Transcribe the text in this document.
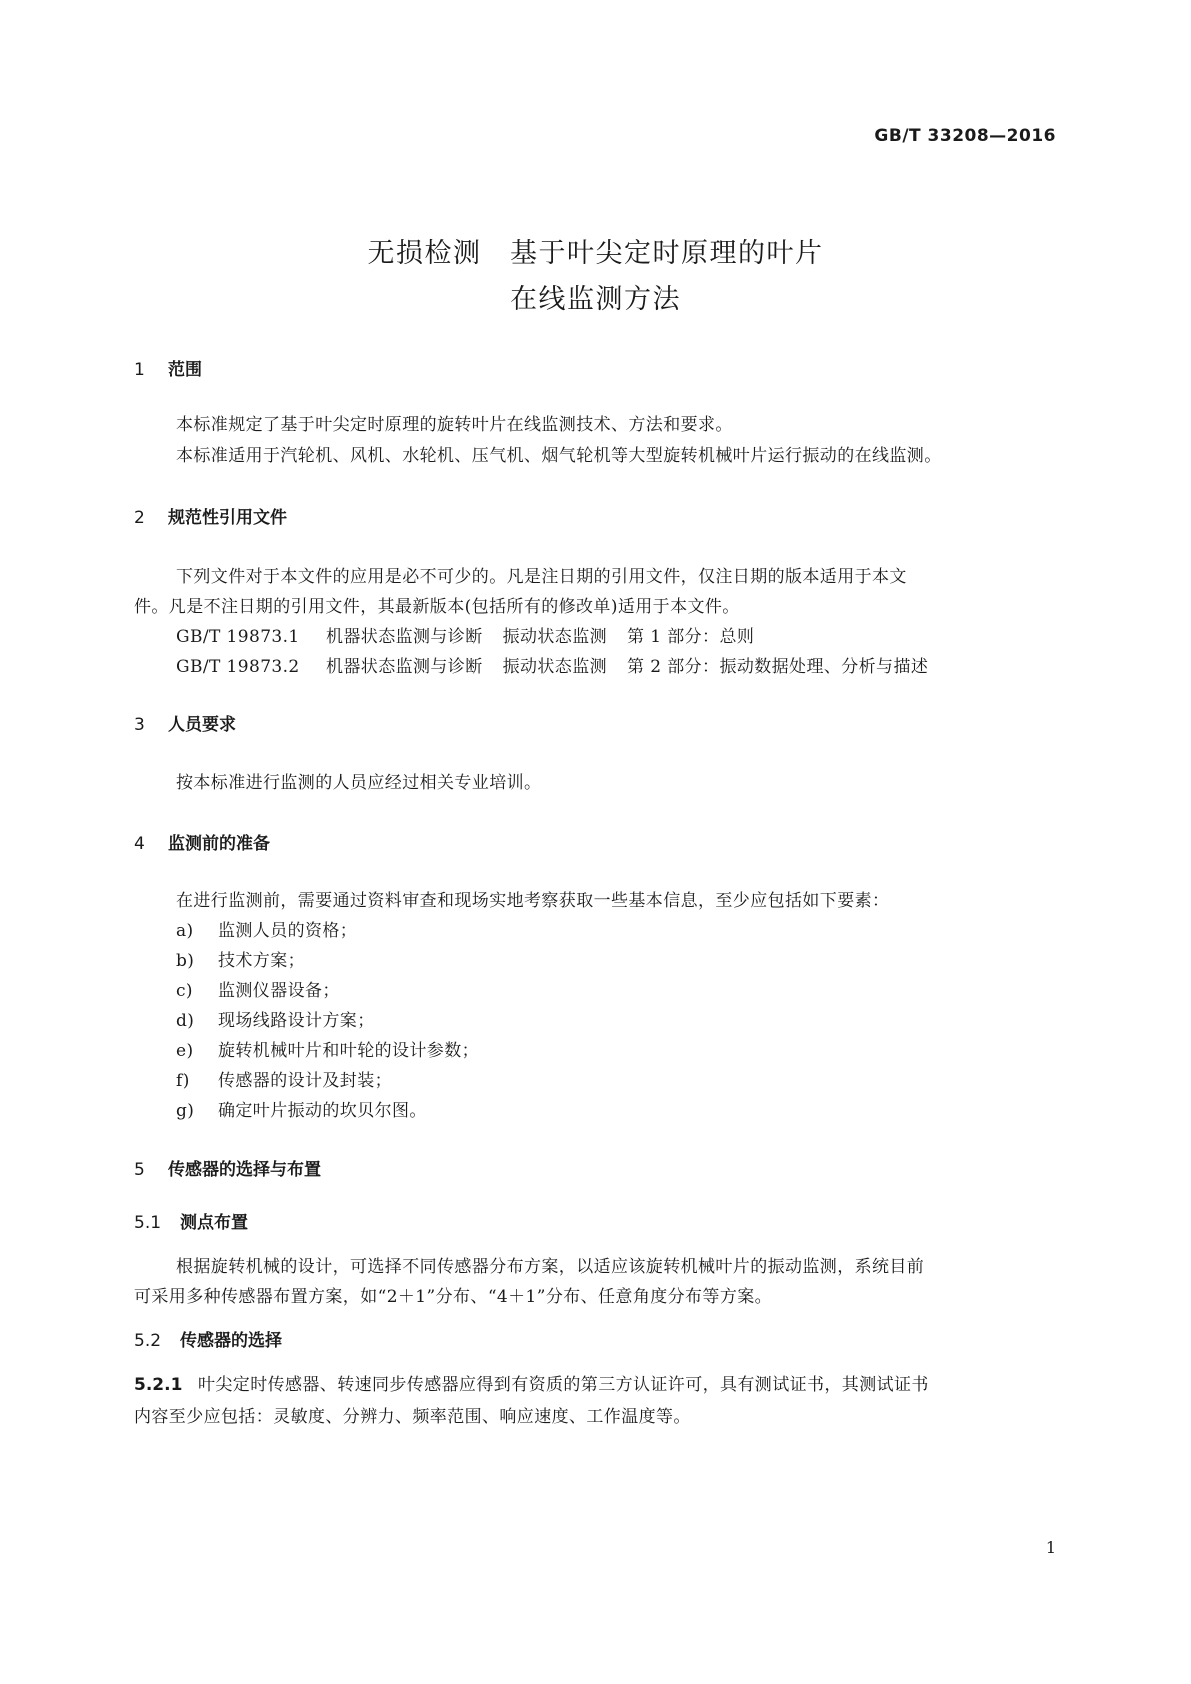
GB/T 33208—2016
无损检测　基于叶尖定时原理的叶片
在线监测方法
1 范围
本标准规定了基于叶尖定时原理的旋转叶片在线监测技术、方法和要求。
本标准适用于汽轮机、风机、水轮机、压气机、烟气轮机等大型旋转机械叶片运行振动的在线监测。
2 规范性引用文件
下列文件对于本文件的应用是必不可少的。凡是注日期的引用文件，仅注日期的版本适用于本文
件。凡是不注日期的引用文件，其最新版本(包括所有的修改单)适用于本文件。
GB/T 19873.1 机器状态监测与诊断 振动状态监测 第 1 部分：总则
GB/T 19873.2 机器状态监测与诊断 振动状态监测 第 2 部分：振动数据处理、分析与描述
3 人员要求
按本标准进行监测的人员应经过相关专业培训。
4 监测前的准备
在进行监测前，需要通过资料审查和现场实地考察获取一些基本信息，至少应包括如下要素：
a) 监测人员的资格；
b) 技术方案；
c) 监测仪器设备；
d) 现场线路设计方案；
e) 旋转机械叶片和叶轮的设计参数；
f) 传感器的设计及封装；
g) 确定叶片振动的坎贝尔图。
5 传感器的选择与布置
5.1 测点布置
根据旋转机械的设计，可选择不同传感器分布方案，以适应该旋转机械叶片的振动监测，系统目前
可采用多种传感器布置方案，如“2＋1”分布、“4＋1”分布、任意角度分布等方案。
5.2 传感器的选择
5.2.1 叶尖定时传感器、转速同步传感器应得到有资质的第三方认证许可，具有测试证书，其测试证书
内容至少应包括：灵敏度、分辨力、频率范围、响应速度、工作温度等。
1
